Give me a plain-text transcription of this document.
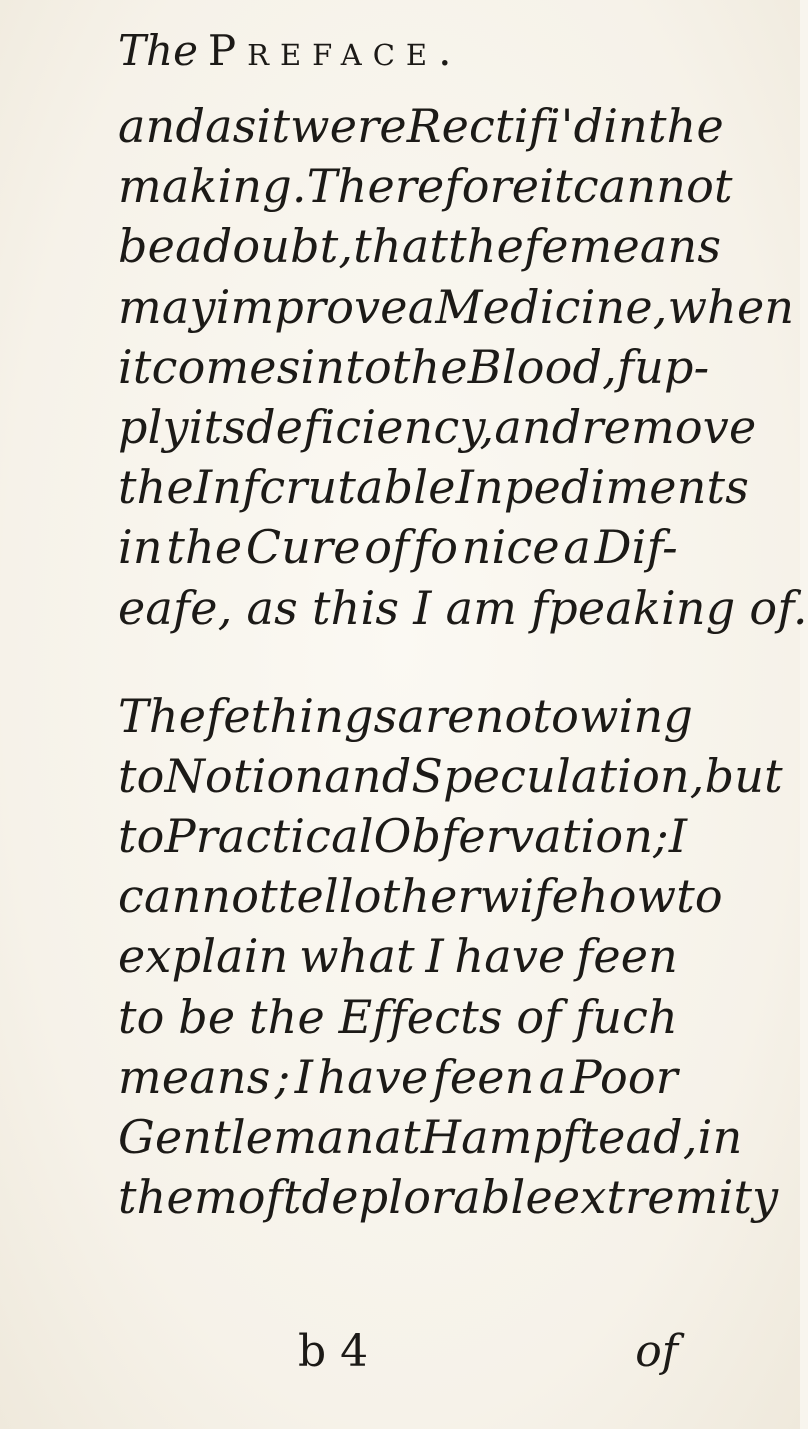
The Preface.
and as it were Rectifi'd in the
making. Therefore it cannot
be a doubt, that thefe means
may improve a Medicine, when
it comes into the Blood, fup-
ply its deficiency, and remove
the Infcrutable Inpediments
in the Cure of fo nice a Dif-
eafe, as this I am fpeaking of.
Thefe things are not owing
to Notion and Speculation, but
to Practical Obfervation ; I
cannot tell otherwife how to
explain what I have feen
to be the Effects of fuch
means ; I have feen a Poor
Gentleman at Hampftead, in
the moft deplorable extremity
b 4	of
